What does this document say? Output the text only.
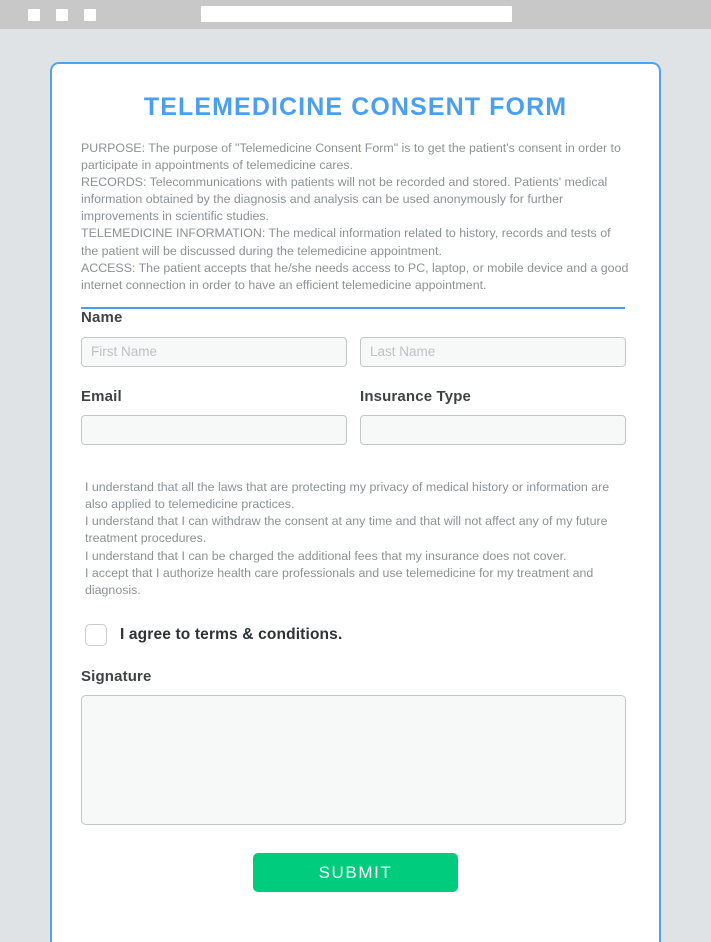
TELEMEDICINE CONSENT FORM

PURPOSE: The purpose of "Telemedicine Consent Form" is to get the patient's consent in order to participate in appointments of telemedicine cares.

RECORDS: Telecommunications with patients will not be recorded and stored. Patients' medical information obtained by the diagnosis and analysis can be used anonymously for further improvements in scientific studies.

TELEMEDICINE INFORMATION: The medical information related to history, records and tests of the patient will be discussed during the telemedicine appointment.

ACCESS: The patient accepts that he/she needs access to PC, laptop, or mobile device and a good internet connection in order to have an efficient telemedicine appointment.

Name
First Name
Last Name
Email	Insurance Type

I understand that all the laws that are protecting my privacy of medical history or information are also applied to telemedicine practices.

I understand that I can withdraw the consent at any time and that will not affect any of my future treatment procedures.

I understand that I can be charged the additional fees that my insurance does not cover.

I accept that I authorize health care professionals and use telemedicine for my treatment and diagnosis.

I agree to terms & conditions.
Signature
SUBMIT
